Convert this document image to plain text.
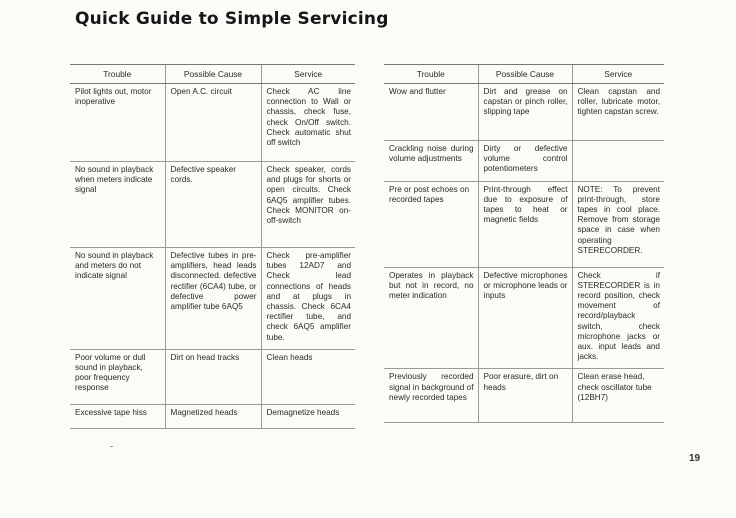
Quick Guide to Simple Servicing
Trouble	Possible Cause	Service
Pilot lights out, motor inoperative	Open A.C. circuit	Check AC line connection to Wall or chassis, check fuse, check On/Off switch. Check automatic shut off switch
No sound in playback when meters indicate signal	Defective speaker cords.	Check speaker, cords and plugs for shorts or open circuits. Check 6AQ5 amplifier tubes. Check MONITOR on-off-switch
No sound in playback and meters do not indicate signal	Defective tubes in pre-amplifiers, head leads disconnected. defective rectifier (6CA4) tube, or defective power amplifier tube 6AQ5	Check pre-amplifier tubes 12AD7 and Check lead connections of heads and at plugs in chassis. Check 6CA4 rectifier tube, and check 6AQ5 amplifier tube.
Poor volume or dull sound in playback, poor frequency response	Dirt on head tracks	Clean heads
Excessive tape hiss	Magnetized heads	Demagnetize heads
Trouble	Possible Cause	Service
Wow and flutter	Dirt and grease on capstan or pinch roller, slipping tape	Clean capstan and roller, lubricate motor, tighten capstan screw.
Crackling noise during volume adjustments	Dirty or defective volume control potentiometers	
Pre or post echoes on recorded tapes	Print-through effect due to exposure of tapes to heat or magnetic fields	NOTE: To prevent print-through, store tapes in cool place. Remove from storage space in case when operating STERECORDER.
Operates in playback but not in record, no meter indication	Defective microphones or microphone leads or inputs	Check if STERECORDER is in record position, check movement of record/playback switch, check microphone jacks or aux. input leads and jacks.
Previously recorded signal in background of newly recorded tapes	Poor erasure, dirt on heads	Clean erase head, check oscillator tube (12BH7)
19
